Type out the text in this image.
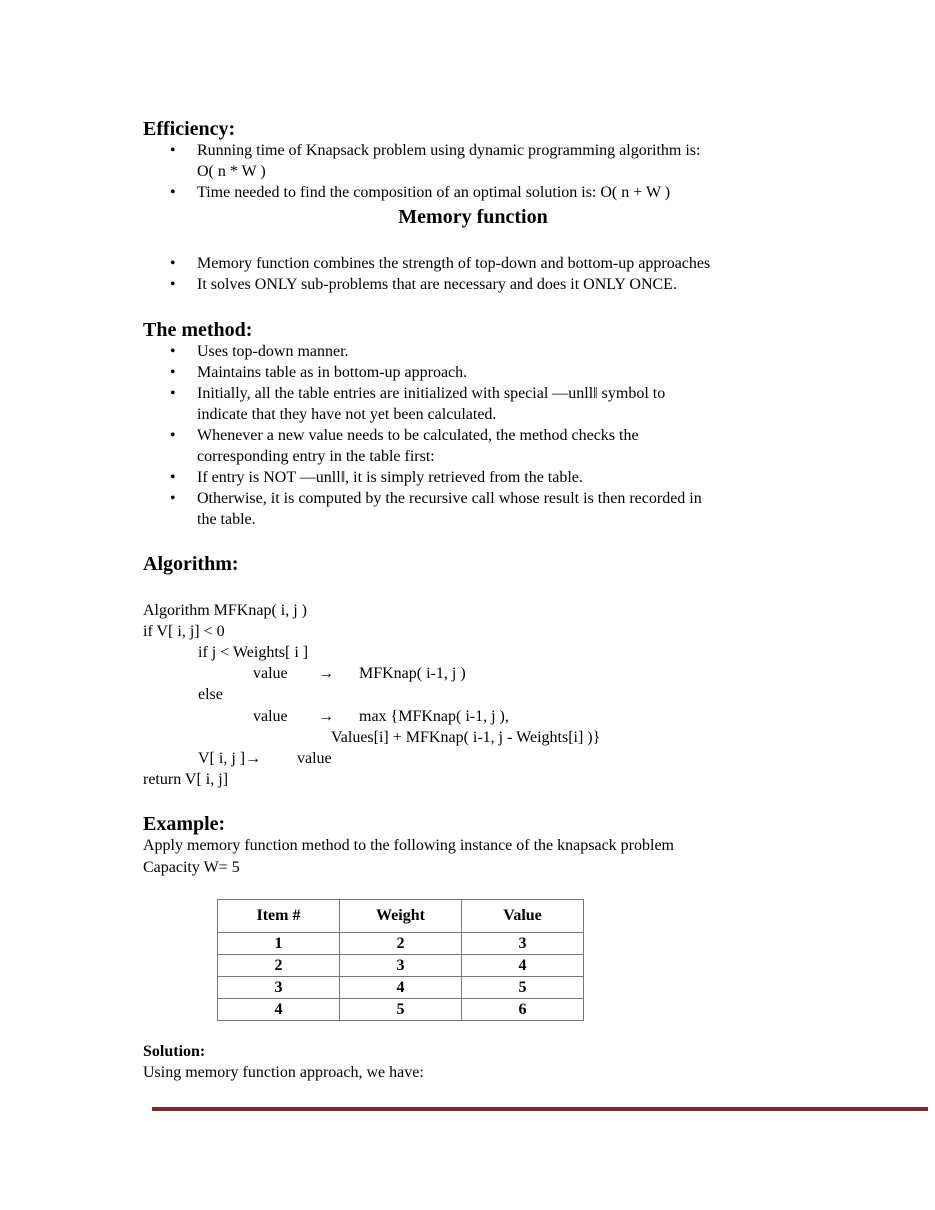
Efficiency:
• Running time of Knapsack problem using dynamic programming algorithm is:
O( n * W )
• Time needed to find the composition of an optimal solution is: O( n + W )
Memory function
• Memory function combines the strength of top-down and bottom-up approaches
• It solves ONLY sub-problems that are necessary and does it ONLY ONCE.
The method:
• Uses top-down manner.
• Maintains table as in bottom-up approach.
• Initially, all the table entries are initialized with special ―unll‖ symbol to
indicate that they have not yet been calculated.
• Whenever a new value needs to be calculated, the method checks the
corresponding entry in the table first:
• If entry is NOT ―unll‖, it is simply retrieved from the table.
• Otherwise, it is computed by the recursive call whose result is then recorded in
the table.
Algorithm:
Algorithm MFKnap( i, j )
if V[ i, j] < 0
if j < Weights[ i ]
value → MFKnap( i-1, j )
else
value → max {MFKnap( i-1, j ),
Values[i] + MFKnap( i-1, j - Weights[i] )}
V[ i, j ]→ value
return V[ i, j]
Example:
Apply memory function method to the following instance of the knapsack problem
Capacity W= 5
Item #	Weight	Value
1	2	3
2	3	4
3	4	5
4	5	6
Solution:
Using memory function approach, we have:
